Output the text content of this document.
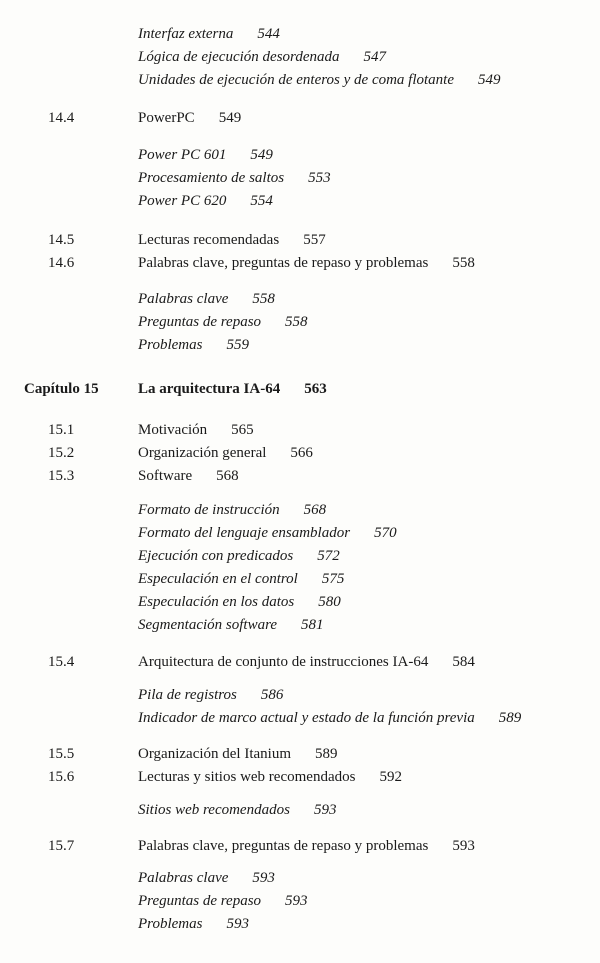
Interfaz externa 544
Lógica de ejecución desordenada 547
Unidades de ejecución de enteros y de coma flotante 549
14.4	PowerPC 549
Power PC 601 549
Procesamiento de saltos 553
Power PC 620 554
14.5	Lecturas recomendadas 557
14.6	Palabras clave, preguntas de repaso y problemas 558
Palabras clave 558
Preguntas de repaso 558
Problemas 559
Capítulo 15	La arquitectura IA-64 563
15.1	Motivación 565
15.2	Organización general 566
15.3	Software 568
Formato de instrucción 568
Formato del lenguaje ensamblador 570
Ejecución con predicados 572
Especulación en el control 575
Especulación en los datos 580
Segmentación software 581
15.4	Arquitectura de conjunto de instrucciones IA-64 584
Pila de registros 586
Indicador de marco actual y estado de la función previa 589
15.5	Organización del Itanium 589
15.6	Lecturas y sitios web recomendados 592
Sitios web recomendados 593
15.7	Palabras clave, preguntas de repaso y problemas 593
Palabras clave 593
Preguntas de repaso 593
Problemas 593
